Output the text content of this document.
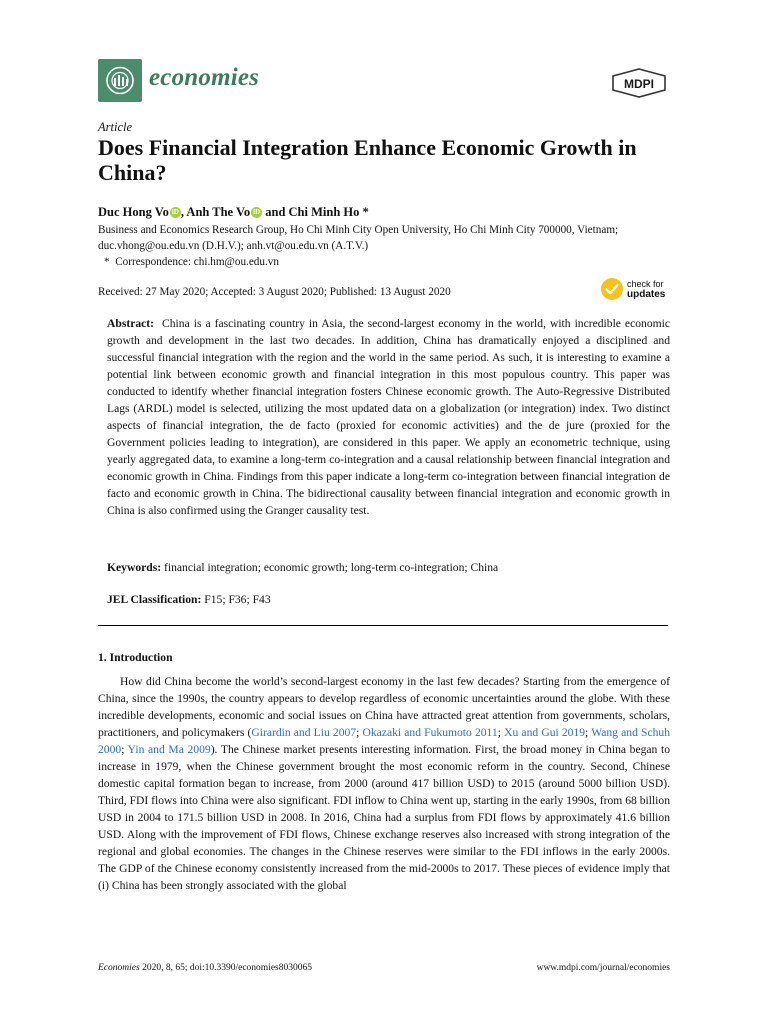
economies	MDPI
Article
Does Financial Integration Enhance Economic Growth in China?
Duc Hong Vo iD , Anh The Vo iD and Chi Minh Ho *
Business and Economics Research Group, Ho Chi Minh City Open University, Ho Chi Minh City 700000, Vietnam; duc.vhong@ou.edu.vn (D.H.V.); anh.vt@ou.edu.vn (A.T.V.)
* Correspondence: chi.hm@ou.edu.vn
Received: 27 May 2020; Accepted: 3 August 2020; Published: 13 August 2020
check for
updates
Abstract: China is a fascinating country in Asia, the second-largest economy in the world, with incredible economic growth and development in the last two decades. In addition, China has dramatically enjoyed a disciplined and successful financial integration with the region and the world in the same period. As such, it is interesting to examine a potential link between economic growth and financial integration in this most populous country. This paper was conducted to identify whether financial integration fosters Chinese economic growth. The Auto-Regressive Distributed Lags (ARDL) model is selected, utilizing the most updated data on a globalization (or integration) index. Two distinct aspects of financial integration, the de facto (proxied for economic activities) and the de jure (proxied for the Government policies leading to integration), are considered in this paper. We apply an econometric technique, using yearly aggregated data, to examine a long-term co-integration and a causal relationship between financial integration and economic growth in China. Findings from this paper indicate a long-term co-integration between financial integration de facto and economic growth in China. The bidirectional causality between financial integration and economic growth in China is also confirmed using the Granger causality test.
Keywords: financial integration; economic growth; long-term co-integration; China
JEL Classification: F15; F36; F43
1. Introduction

How did China become the world’s second-largest economy in the last few decades? Starting from the emergence of China, since the 1990s, the country appears to develop regardless of economic uncertainties around the globe. With these incredible developments, economic and social issues on China have attracted great attention from governments, scholars, practitioners, and policymakers (Girardin and Liu 2007; Okazaki and Fukumoto 2011; Xu and Gui 2019; Wang and Schuh 2000; Yin and Ma 2009). The Chinese market presents interesting information. First, the broad money in China began to increase in 1979, when the Chinese government brought the most economic reform in the country. Second, Chinese domestic capital formation began to increase, from 2000 (around 417 billion USD) to 2015 (around 5000 billion USD). Third, FDI flows into China were also significant. FDI inflow to China went up, starting in the early 1990s, from 68 billion USD in 2004 to 171.5 billion USD in 2008. In 2016, China had a surplus from FDI flows by approximately 41.6 billion USD. Along with the improvement of FDI flows, Chinese exchange reserves also increased with strong integration of the regional and global economies. The changes in the Chinese reserves were similar to the FDI inflows in the early 2000s. The GDP of the Chinese economy consistently increased from the mid-2000s to 2017. These pieces of evidence imply that (i) China has been strongly associated with the global

Economies 2020, 8, 65; doi:10.3390/economies8030065	www.mdpi.com/journal/economies
